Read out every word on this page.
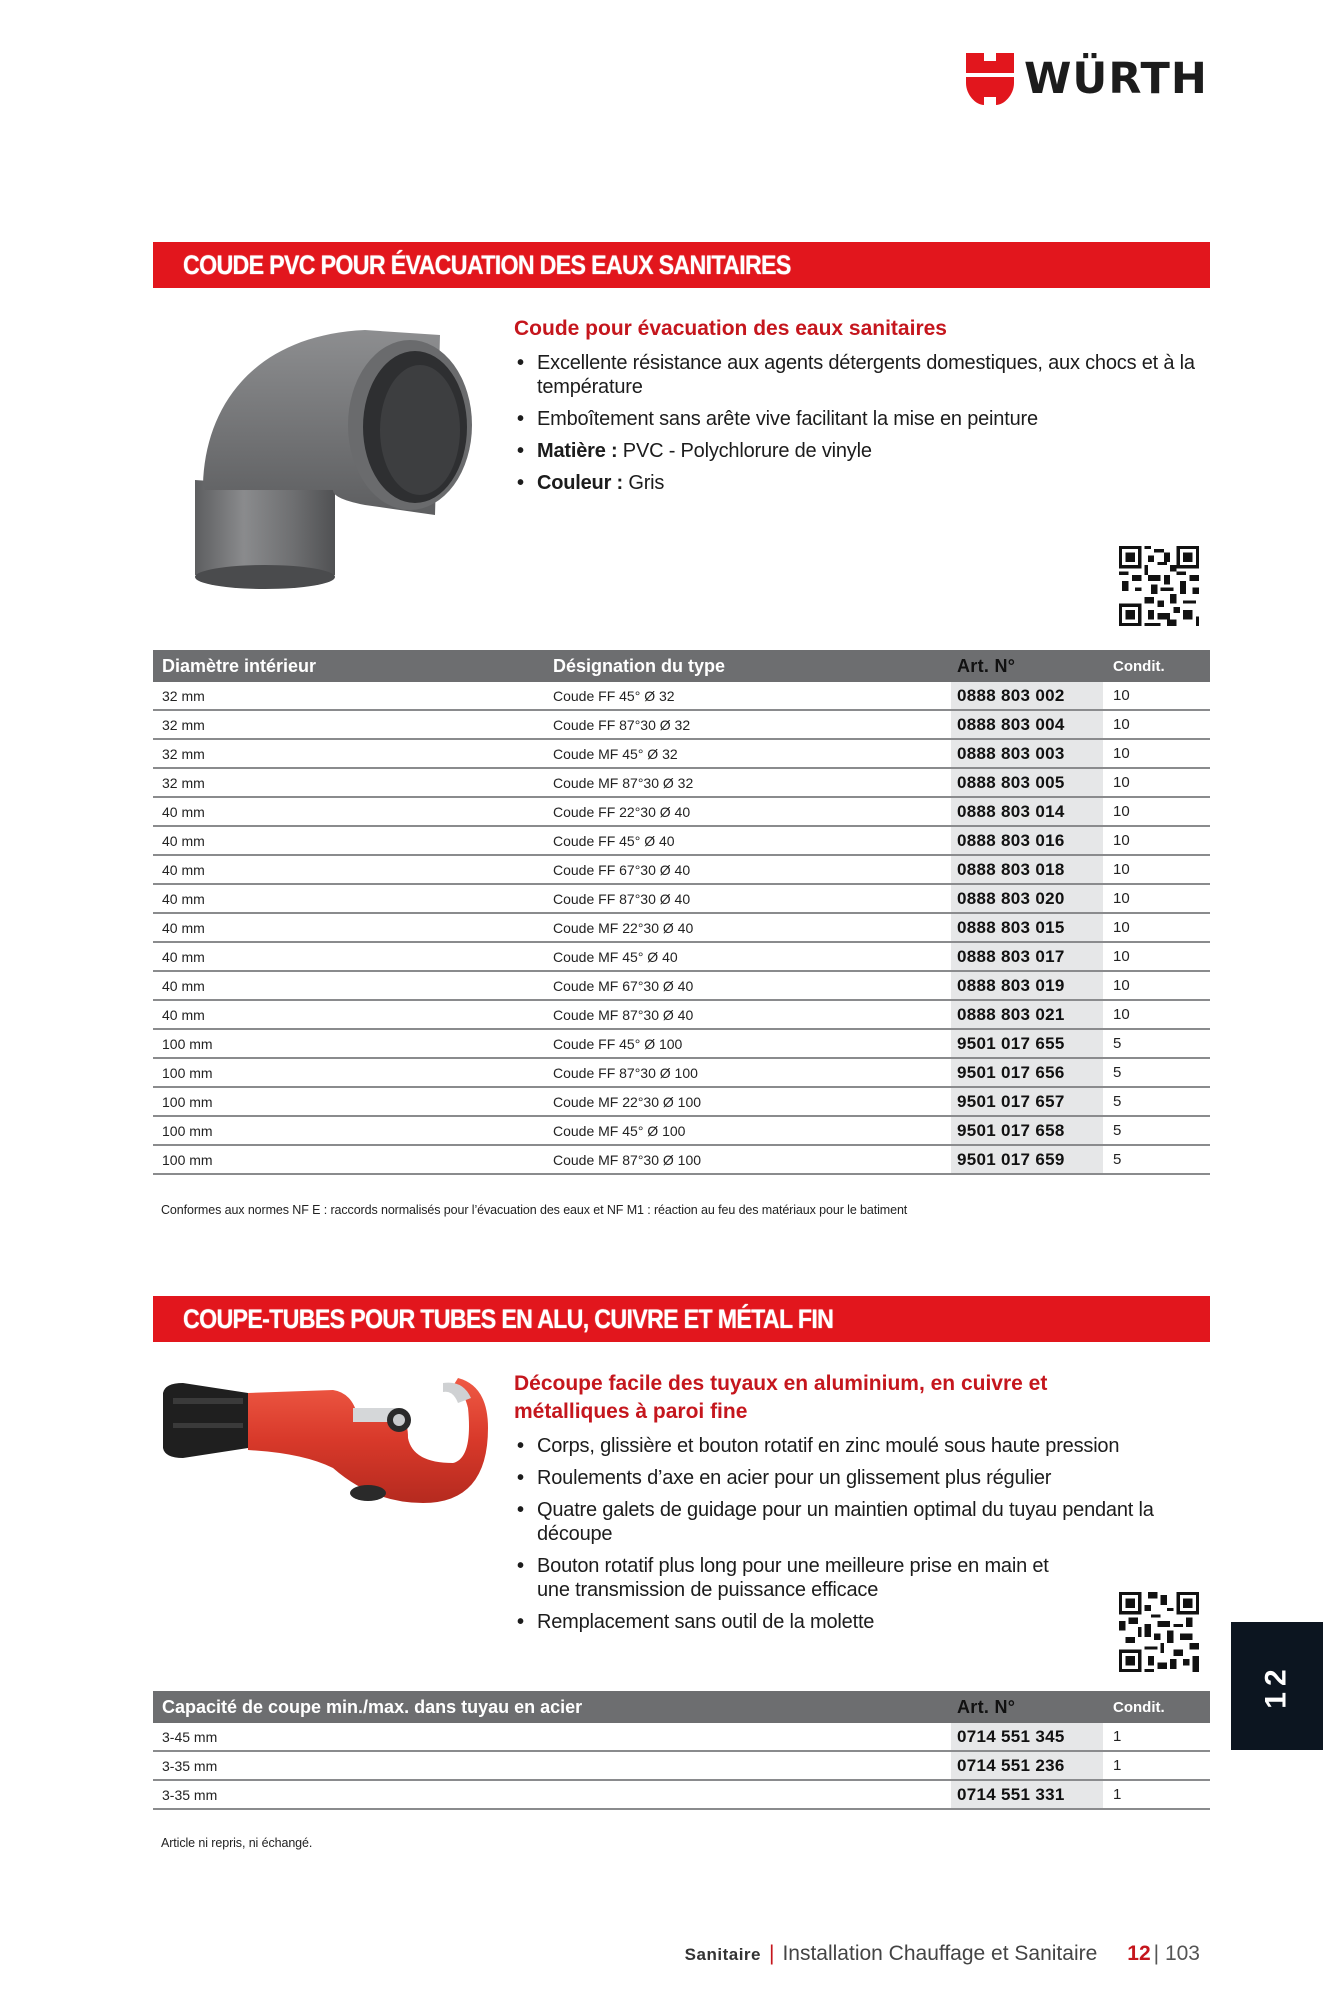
WÜRTH
COUDE PVC POUR ÉVACUATION DES EAUX SANITAIRES
Coude pour évacuation des eaux sanitaires
• Excellente résistance aux agents détergents domestiques, aux chocs et à la température
• Emboîtement sans arête vive facilitant la mise en peinture
• Matière : PVC - Polychlorure de vinyle
• Couleur : Gris
Diamètre intérieur	Désignation du type	Art. N°	Condit.
32 mm	Coude FF 45° Ø 32	0888 803 002	10
32 mm	Coude FF 87°30 Ø 32	0888 803 004	10
32 mm	Coude MF 45° Ø 32	0888 803 003	10
32 mm	Coude MF 87°30 Ø 32	0888 803 005	10
40 mm	Coude FF 22°30 Ø 40	0888 803 014	10
40 mm	Coude FF 45° Ø 40	0888 803 016	10
40 mm	Coude FF 67°30 Ø 40	0888 803 018	10
40 mm	Coude FF 87°30 Ø 40	0888 803 020	10
40 mm	Coude MF 22°30 Ø 40	0888 803 015	10
40 mm	Coude MF 45° Ø 40	0888 803 017	10
40 mm	Coude MF 67°30 Ø 40	0888 803 019	10
40 mm	Coude MF 87°30 Ø 40	0888 803 021	10
100 mm	Coude FF 45° Ø 100	9501 017 655	5
100 mm	Coude FF 87°30 Ø 100	9501 017 656	5
100 mm	Coude MF 22°30 Ø 100	9501 017 657	5
100 mm	Coude MF 45° Ø 100	9501 017 658	5
100 mm	Coude MF 87°30 Ø 100	9501 017 659	5
Conformes aux normes NF E : raccords normalisés pour l’évacuation des eaux et NF M1 : réaction au feu des matériaux pour le batiment
COUPE-TUBES POUR TUBES EN ALU, CUIVRE ET MÉTAL FIN
Découpe facile des tuyaux en aluminium, en cuivre et
métalliques à paroi fine
• Corps, glissière et bouton rotatif en zinc moulé sous haute pression
• Roulements d’axe en acier pour un glissement plus régulier
• Quatre galets de guidage pour un maintien optimal du tuyau pendant la découpe
• Bouton rotatif plus long pour une meilleure prise en main et une transmission de puissance efficace
• Remplacement sans outil de la molette
Capacité de coupe min./max. dans tuyau en acier	Art. N°	Condit.
3-45 mm	0714 551 345	1
3-35 mm	0714 551 236	1
3-35 mm	0714 551 331	1
Article ni repris, ni échangé.
12
Sanitaire | Installation Chauffage et Sanitaire 12 | 103
